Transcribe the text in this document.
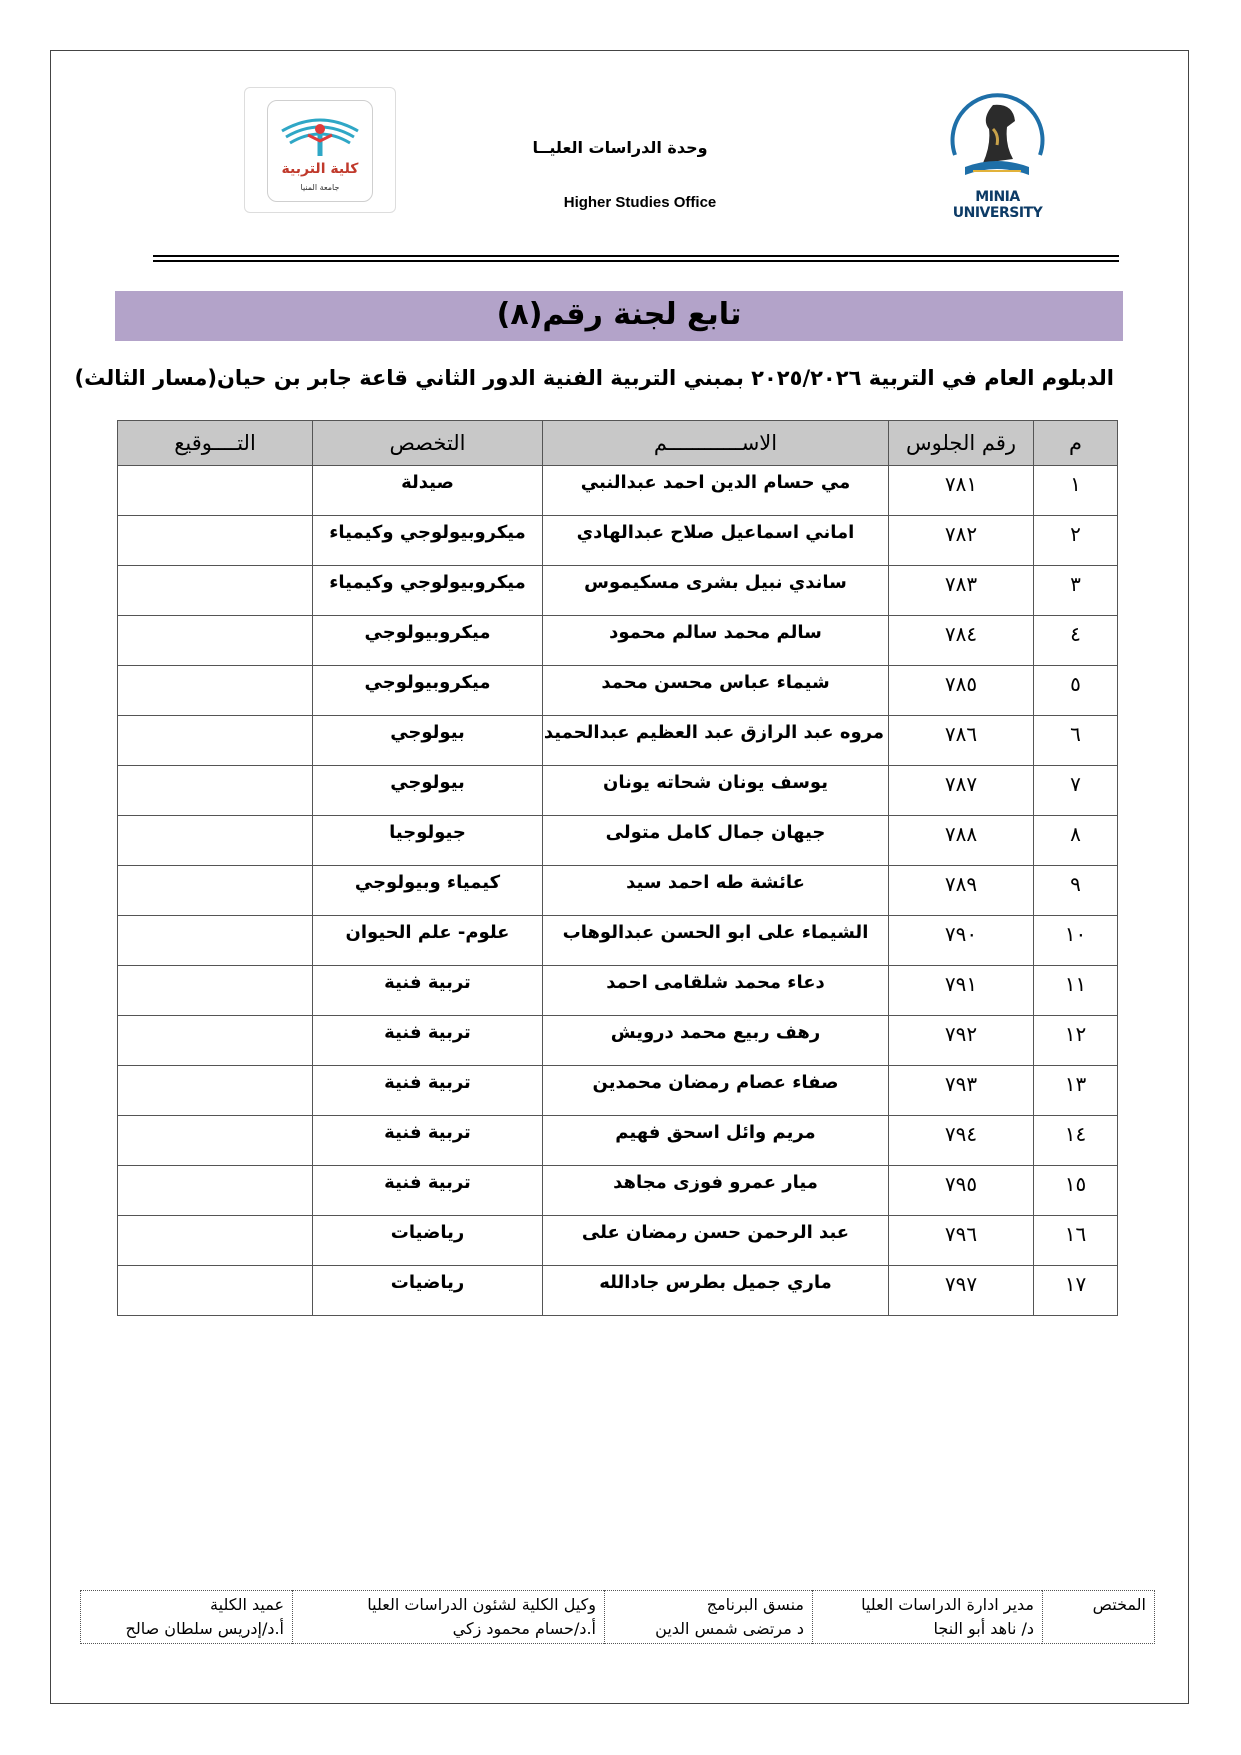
كلية التربية
جامعة المنيا
MINIA UNIVERSITY
وحدة الدراسات العليــا
Higher Studies Office
تابع لجنة رقم(٨)
الدبلوم العام في التربية ٢٠٢٥/٢٠٢٦ بمبني التربية الفنية الدور الثاني قاعة جابر بن حيان(مسار الثالث)
م	رقم الجلوس	الاســــــــــــم	التخصص	التــــوقيع
١	٧٨١	مي حسام الدين احمد عبدالنبي	صيدلة	
٢	٧٨٢	اماني اسماعيل صلاح عبدالهادي	ميكروبيولوجي وكيمياء	
٣	٧٨٣	ساندي نبيل بشرى مسكيموس	ميكروبيولوجي وكيمياء	
٤	٧٨٤	سالم محمد سالم محمود	ميكروبيولوجي	
٥	٧٨٥	شيماء عباس محسن محمد	ميكروبيولوجي	
٦	٧٨٦	مروه عبد الرازق عبد العظيم عبدالحميد	بيولوجي	
٧	٧٨٧	يوسف يونان شحاته يونان	بيولوجي	
٨	٧٨٨	جيهان جمال كامل متولى	جيولوجيا	
٩	٧٨٩	عائشة طه احمد سيد	كيمياء وبيولوجي	
١٠	٧٩٠	الشيماء على ابو الحسن عبدالوهاب	علوم- علم الحيوان	
١١	٧٩١	دعاء محمد شلقامى احمد	تربية فنية	
١٢	٧٩٢	رهف ربيع محمد درويش	تربية فنية	
١٣	٧٩٣	صفاء عصام رمضان محمدين	تربية فنية	
١٤	٧٩٤	مريم وائل اسحق فهيم	تربية فنية	
١٥	٧٩٥	ميار عمرو فوزى مجاهد	تربية فنية	
١٦	٧٩٦	عبد الرحمن حسن رمضان على	رياضيات	
١٧	٧٩٧	ماري جميل بطرس جادالله	رياضيات	
المختص

مدير ادارة الدراسات العليا
د/ ناهد أبو النجا

منسق البرنامج
د مرتضى شمس الدين

وكيل الكلية لشئون الدراسات العليا
أ.د/حسام محمود زكي

عميد الكلية
أ.د/إدريس سلطان صالح
